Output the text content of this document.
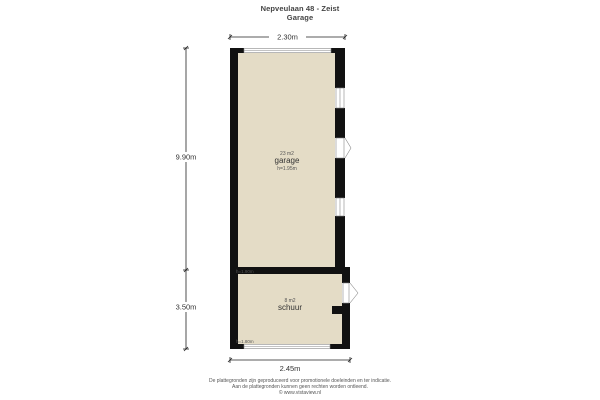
Nepveulaan 48 - Zeist
Garage
2.30m
2.45m
9.90m
3.50m
23 m2
garage
h=1.95m
8 m2
schuur
h=1.90m
h=1.80m
De plattegronden zijn geproduceerd voor promotionele doeleinden en ter indicatie.
Aan de plattegronden kunnen geen rechten worden ontleend.
© www.vistaview.nl
